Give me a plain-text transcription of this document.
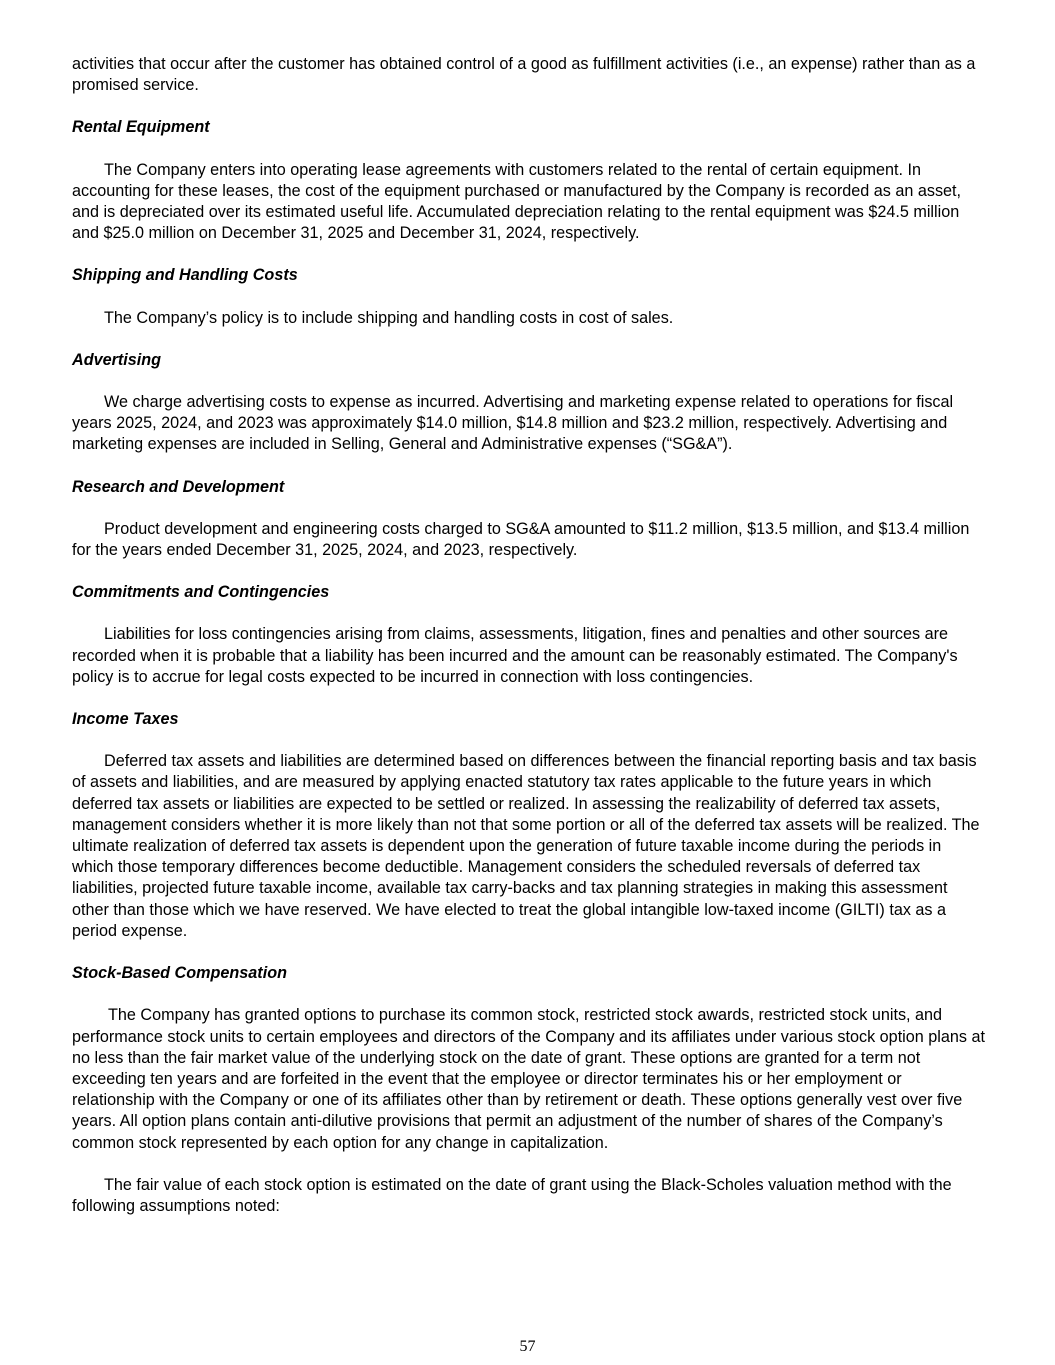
activities that occur after the customer has obtained control of a good as fulfillment activities (i.e., an expense) rather than as a promised service.

Rental Equipment

The Company enters into operating lease agreements with customers related to the rental of certain equipment. In accounting for these leases, the cost of the equipment purchased or manufactured by the Company is recorded as an asset, and is depreciated over its estimated useful life. Accumulated depreciation relating to the rental equipment was $24.5 million and $25.0 million on December 31, 2025 and December 31, 2024, respectively.

Shipping and Handling Costs

The Company’s policy is to include shipping and handling costs in cost of sales.

Advertising

We charge advertising costs to expense as incurred. Advertising and marketing expense related to operations for fiscal years 2025, 2024, and 2023 was approximately $14.0 million, $14.8 million and $23.2 million, respectively. Advertising and marketing expenses are included in Selling, General and Administrative expenses (“SG&A”).

Research and Development

Product development and engineering costs charged to SG&A amounted to $11.2 million, $13.5 million, and $13.4 million for the years ended December 31, 2025, 2024, and 2023, respectively.

Commitments and Contingencies

Liabilities for loss contingencies arising from claims, assessments, litigation, fines and penalties and other sources are recorded when it is probable that a liability has been incurred and the amount can be reasonably estimated. The Company's policy is to accrue for legal costs expected to be incurred in connection with loss contingencies.

Income Taxes

Deferred tax assets and liabilities are determined based on differences between the financial reporting basis and tax basis of assets and liabilities, and are measured by applying enacted statutory tax rates applicable to the future years in which deferred tax assets or liabilities are expected to be settled or realized. In assessing the realizability of deferred tax assets, management considers whether it is more likely than not that some portion or all of the deferred tax assets will be realized. The ultimate realization of deferred tax assets is dependent upon the generation of future taxable income during the periods in which those temporary differences become deductible. Management considers the scheduled reversals of deferred tax liabilities, projected future taxable income, available tax carry-backs and tax planning strategies in making this assessment other than those which we have reserved. We have elected to treat the global intangible low-taxed income (GILTI) tax as a period expense.

Stock-Based Compensation

The Company has granted options to purchase its common stock, restricted stock awards, restricted stock units, and performance stock units to certain employees and directors of the Company and its affiliates under various stock option plans at no less than the fair market value of the underlying stock on the date of grant. These options are granted for a term not exceeding ten years and are forfeited in the event that the employee or director terminates his or her employment or relationship with the Company or one of its affiliates other than by retirement or death. These options generally vest over five years. All option plans contain anti-dilutive provisions that permit an adjustment of the number of shares of the Company’s common stock represented by each option for any change in capitalization.

The fair value of each stock option is estimated on the date of grant using the Black-Scholes valuation method with the following assumptions noted:

57
